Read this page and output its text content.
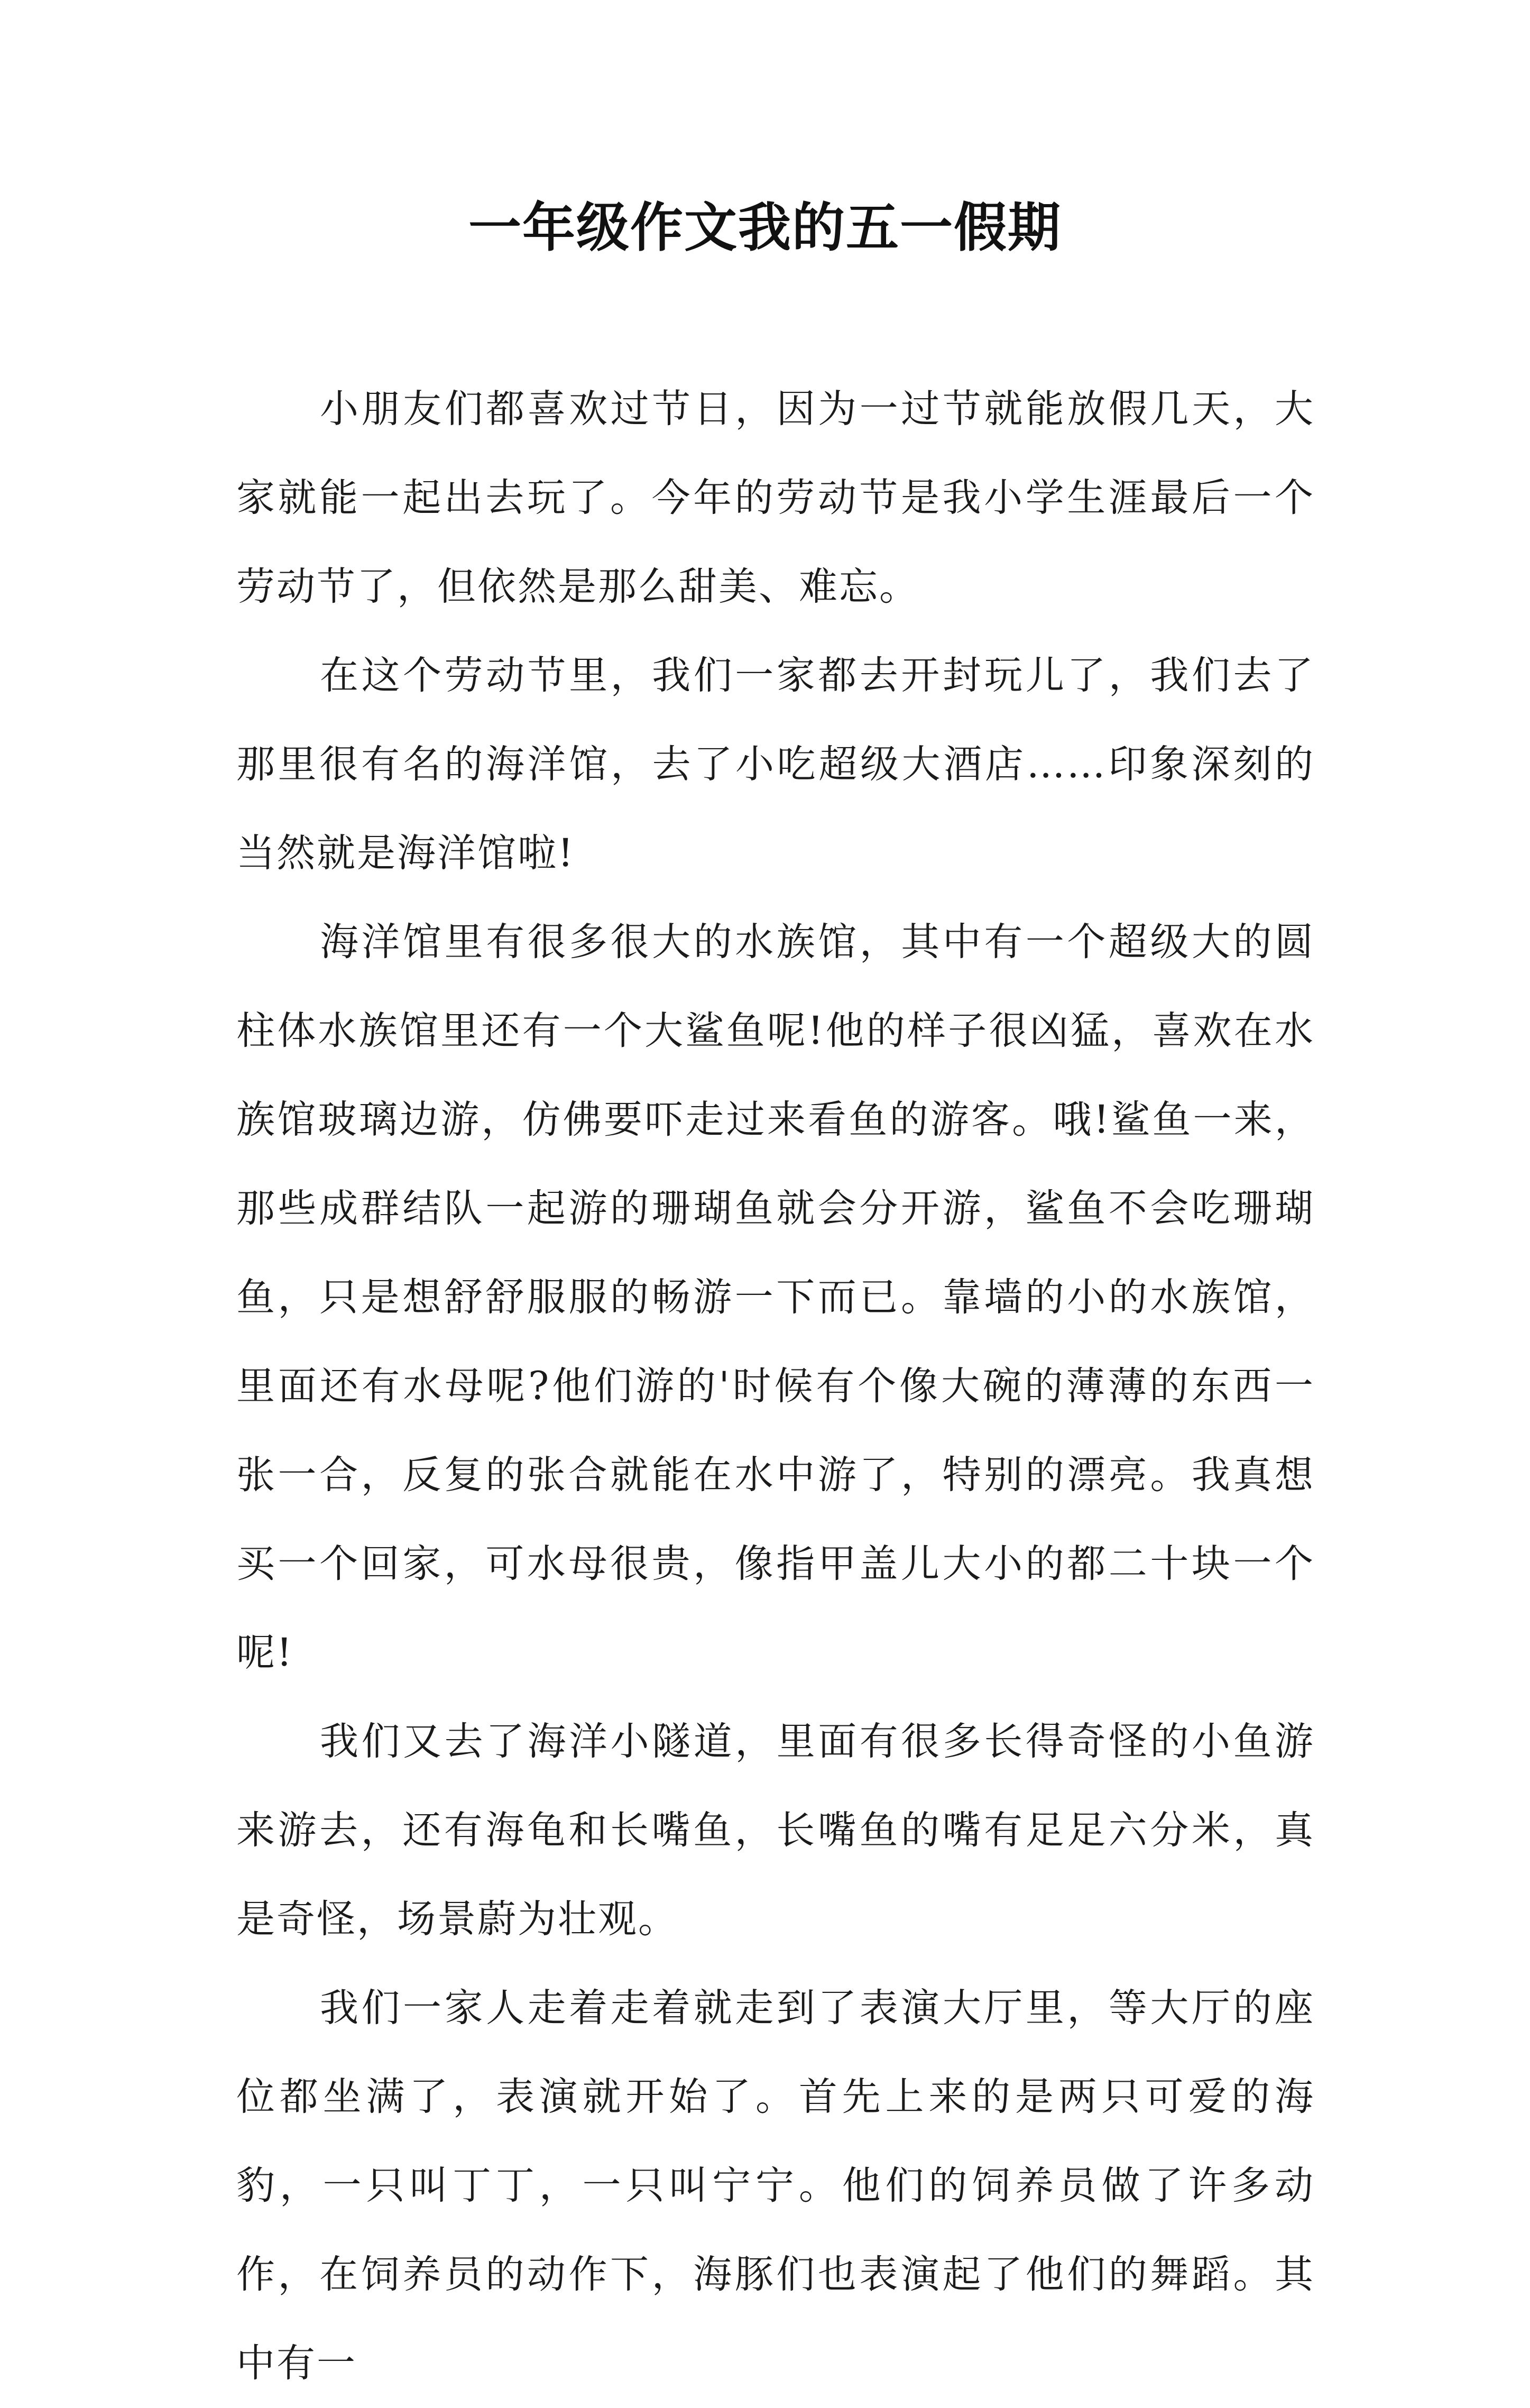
一年级作文我的五一假期

小朋友们都喜欢过节日，因为一过节就能放假几天，大家就能一起出去玩了。今年的劳动节是我小学生涯最后一个劳动节了，但依然是那么甜美、难忘。

在这个劳动节里，我们一家都去开封玩儿了，我们去了那里很有名的海洋馆，去了小吃超级大酒店……印象深刻的当然就是海洋馆啦!

海洋馆里有很多很大的水族馆，其中有一个超级大的圆柱体水族馆里还有一个大鲨鱼呢!他的样子很凶猛，喜欢在水族馆玻璃边游，仿佛要吓走过来看鱼的游客。哦!鲨鱼一来，那些成群结队一起游的珊瑚鱼就会分开游，鲨鱼不会吃珊瑚鱼，只是想舒舒服服的畅游一下而已。靠墙的小的水族馆，里面还有水母呢?他们游的'时候有个像大碗的薄薄的东西一张一合，反复的张合就能在水中游了，特别的漂亮。我真想买一个回家，可水母很贵，像指甲盖儿大小的都二十块一个呢!

我们又去了海洋小隧道，里面有很多长得奇怪的小鱼游来游去，还有海龟和长嘴鱼，长嘴鱼的嘴有足足六分米，真是奇怪，场景蔚为壮观。

我们一家人走着走着就走到了表演大厅里，等大厅的座位都坐满了，表演就开始了。首先上来的是两只可爱的海豹，一只叫丁丁，一只叫宁宁。他们的饲养员做了许多动作，在饲养员的动作下，海豚们也表演起了他们的舞蹈。其中有一
